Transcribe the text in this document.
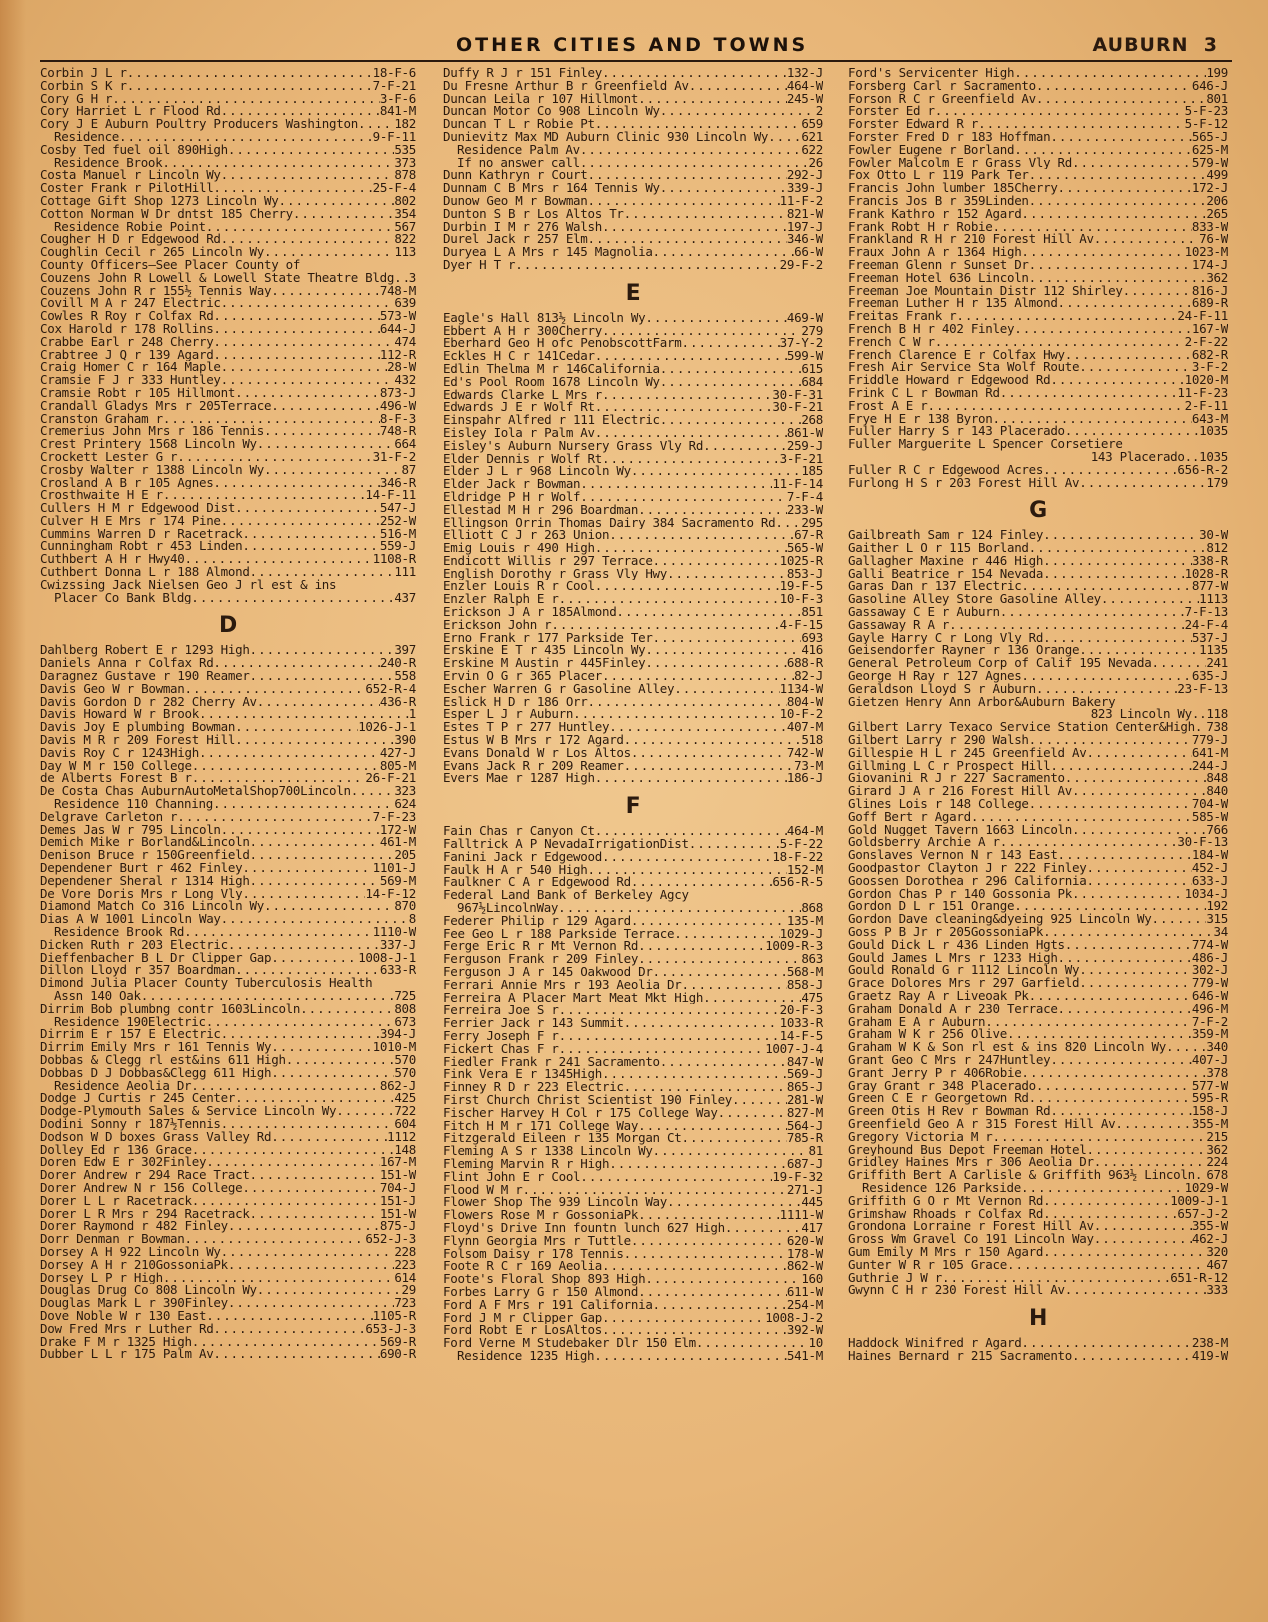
OTHER CITIES AND TOWNS	AUBURN 3
Corbin J L r .....	18-F-6
Corbin S K r .....	7-F-21
Cory G H r .....	3-F-6
Cory Harriet L r Flood Rd .....	841-M
Cory J E Auburn Poultry Producers Washington .....	182
Residence .....	9-F-11
Cosby Ted fuel oil 890High .....	535
Residence Brook .....	373
Costa Manuel r Lincoln Wy .....	878
Coster Frank r PilotHill .....	25-F-4
Cottage Gift Shop 1273 Lincoln Wy .....	802
Cotton Norman W Dr dntst 185 Cherry .....	354
Residence Robie Point .....	567
Cougher H D r Edgewood Rd .....	822
Coughlin Cecil r 265 Lincoln Wy .....	113
County Officers—See Placer County of
Couzens John R Lowell & Lowell State Theatre Bldg ..... 3
Couzens John R r 155½ Tennis Way .....	748-M
Covill M A r 247 Electric .....	639
Cowles R Roy r Colfax Rd .....	573-W
Cox Harold r 178 Rollins .....	644-J
Crabbe Earl r 248 Cherry .....	474
Crabtree J Q r 139 Agard .....	112-R
Craig Homer C r 164 Maple .....	28-W
Cramsie F J r 333 Huntley .....	432
Cramsie Robt r 105 Hillmont .....	873-J
Crandall Gladys Mrs r 205Terrace .....	496-W
Cranston Graham r .....	8-F-3
Cremerius John Mrs r 186 Tennis .....	748-R
Crest Printery 1568 Lincoln Wy .....	664
Crockett Lester G r .....	31-F-2
Crosby Walter r 1388 Lincoln Wy .....	87
Crosland A B r 105 Agnes .....	346-R
Crosthwaite H E r .....	14-F-11
Cullers H M r Edgewood Dist .....	547-J
Culver H E Mrs r 174 Pine .....	252-W
Cummins Warren D r Racetrack .....	516-M
Cunningham Robt r 453 Linden .....	559-J
Cuthbert A H r Hwy40 .....	1108-R
Cuthbert Donna L r 188 Almond .....	111
Cwizssing Jack Nielsen Geo J rl est & ins
Placer Co Bank Bldg .....	437
D
Dahlberg Robert E r 1293 High .....	397
Daniels Anna r Colfax Rd .....	240-R
Daragnez Gustave r 190 Reamer .....	558
Davis Geo W r Bowman .....	652-R-4
Davis Gordon D r 282 Cherry Av .....	436-R
Davis Howard W r Brook .....	1
Davis Joy E plumbing Bowman .....	1026-J-1
Davis M R r 209 Forest Hill .....	390
Davis Roy C r 1243High .....	427-J
Day W M r 150 College .....	805-M
de Alberts Forest B r .....	26-F-21
De Costa Chas AuburnAutoMetalShop700Lincoln .....	323
Residence 110 Channing .....	624
Delgrave Carleton r .....	7-F-23
Demes Jas W r 795 Lincoln .....	172-W
Demich Mike r Borland&Lincoln .....	461-M
Denison Bruce r 150Greenfield .....	205
Dependener Burt r 462 Finley .....	1101-J
Dependener Sheral r 1314 High .....	569-M
De Vore Doris Mrs r Long Vly .....	14-F-12
Diamond Match Co 316 Lincoln Wy .....	870
Dias A W 1001 Lincoln Way .....	8
Residence Brook Rd .....	1110-W
Dicken Ruth r 203 Electric .....	337-J
Dieffenbacher B L Dr Clipper Gap .....	1008-J-1
Dillon Lloyd r 357 Boardman .....	633-R
Dimond Julia Placer County Tuberculosis Health
Assn 140 Oak .....	725
Dirrim Bob plumbng contr 1603Lincoln .....	808
Residence 190Electric .....	673
Dirrim E r 157 E Electric .....	394-J
Dirrim Emily Mrs r 161 Tennis Wy .....	1010-M
Dobbas & Clegg rl est&ins 611 High .....	570
Dobbas D J Dobbas&Clegg 611 High .....	570
Residence Aeolia Dr .....	862-J
Dodge J Curtis r 245 Center .....	425
Dodge-Plymouth Sales & Service Lincoln Wy .....	722
Dodini Sonny r 187½Tennis .....	604
Dodson W D boxes Grass Valley Rd .....	1112
Dolley Ed r 136 Grace .....	148
Doren Edw E r 302Finley .....	167-M
Dorer Andrew r 294 Race Tract .....	151-W
Dorer Andrew N r 156 College .....	704-J
Dorer L L r Racetrack .....	151-J
Dorer L R Mrs r 294 Racetrack .....	151-W
Dorer Raymond r 482 Finley .....	875-J
Dorr Denman r Bowman .....	652-J-3
Dorsey A H 922 Lincoln Wy .....	228
Dorsey A H r 210GossoniaPk .....	223
Dorsey L P r High .....	614
Douglas Drug Co 808 Lincoln Wy .....	29
Douglas Mark L r 390Finley .....	723
Dove Noble W r 130 East .....	1105-R
Dow Fred Mrs r Luther Rd .....	653-J-3
Drake F M r 1325 High .....	569-R
Dubber L L r 175 Palm Av .....	690-R
Duffy R J r 151 Finley .....	132-J
Du Fresne Arthur B r Greenfield Av .....	464-W
Duncan Leila r 107 Hillmont .....	245-W
Duncan Motor Co 908 Lincoln Wy .....	2
Duncan T L r Robie Pt .....	659
Dunievitz Max MD Auburn Clinic 930 Lincoln Wy .....	621
Residence Palm Av .....	622
If no answer call .....	26
Dunn Kathryn r Court .....	292-J
Dunnam C B Mrs r 164 Tennis Wy .....	339-J
Dunow Geo M r Bowman .....	11-F-2
Dunton S B r Los Altos Tr .....	821-W
Durbin I M r 276 Walsh .....	197-J
Durel Jack r 257 Elm .....	346-W
Duryea L A Mrs r 145 Magnolia .....	66-W
Dyer H T r .....	29-F-2
E
Eagle's Hall 813½ Lincoln Wy .....	469-W
Ebbert A H r 300Cherry .....	279
Eberhard Geo H ofc PenobscottFarm .....	37-Y-2
Eckles H C r 141Cedar .....	599-W
Edlin Thelma M r 146California .....	615
Ed's Pool Room 1678 Lincoln Wy .....	684
Edwards Clarke L Mrs r .....	30-F-31
Edwards J E r Wolf Rt .....	30-F-21
Einspahr Alfred r 111 Electric .....	268
Eisley Iola r Palm Av .....	861-W
Eisley's Auburn Nursery Grass Vly Rd .....	259-J
Elder Dennis r Wolf Rt .....	3-F-21
Elder J L r 968 Lincoln Wy .....	185
Elder Jack r Bowman .....	11-F-14
Eldridge P H r Wolf .....	7-F-4
Ellestad M H r 296 Boardman .....	233-W
Ellingson Orrin Thomas Dairy 384 Sacramento Rd ..... 295
Elliott C J r 263 Union .....	67-R
Emig Louis r 490 High .....	565-W
Endicott Willis r 297 Terrace .....	1025-R
English Dorothy r Grass Vly Hwy .....	853-J
Enzler Louis R r Cool .....	19-F-5
Enzler Ralph E r .....	10-F-3
Erickson J A r 185Almond .....	851
Erickson John r .....	4-F-15
Erno Frank r 177 Parkside Ter .....	693
Erskine E T r 435 Lincoln Wy .....	416
Erskine M Austin r 445Finley .....	688-R
Ervin O G r 365 Placer .....	82-J
Escher Warren G r Gasoline Alley .....	1134-W
Eslick H D r 186 Orr .....	804-W
Esper L J r Auburn .....	10-F-2
Estes T P r 277 Huntley .....	407-M
Estus W B Mrs r 172 Agard .....	518
Evans Donald W r Los Altos .....	742-W
Evans Jack R r 209 Reamer .....	73-M
Evers Mae r 1287 High .....	186-J
F
Fain Chas r Canyon Ct .....	464-M
Falltrick A P NevadaIrrigationDist .....	5-F-22
Fanini Jack r Edgewood .....	18-F-22
Faulk H A r 540 High .....	152-M
Faulkner C A r Edgewood Rd .....	656-R-5
Federal Land Bank of Berkeley Agcy
967½LincolnWay .....	868
Federer Philip r 129 Agard .....	135-M
Fee Geo L r 188 Parkside Terrace .....	1029-J
Ferge Eric R r Mt Vernon Rd .....	1009-R-3
Ferguson Frank r 209 Finley .....	863
Ferguson J A r 145 Oakwood Dr .....	568-M
Ferrari Annie Mrs r 193 Aeolia Dr .....	858-J
Ferreira A Placer Mart Meat Mkt High .....	475
Ferreira Joe S r .....	20-F-3
Ferrier Jack r 143 Summit .....	1033-R
Ferry Joseph F r .....	14-F-5
Fickert Chas F r .....	1007-J-4
Fiedler Frank r 241 Sacramento .....	847-W
Fink Vera E r 1345High .....	569-J
Finney R D r 223 Electric .....	865-J
First Church Christ Scientist 190 Finley .....	281-W
Fischer Harvey H Col r 175 College Way .....	827-M
Fitch H M r 171 College Way .....	564-J
Fitzgerald Eileen r 135 Morgan Ct .....	785-R
Fleming A S r 1338 Lincoln Wy .....	81
Fleming Marvin R r High .....	687-J
Flint John E r Cool .....	19-F-32
Flood W M r .....	271-J
Flower Shop The 939 Lincoln Way .....	445
Flowers Rose M r GossoniaPk .....	1111-W
Floyd's Drive Inn fountn lunch 627 High .....	417
Flynn Georgia Mrs r Tuttle .....	620-W
Folsom Daisy r 178 Tennis .....	178-W
Foote R C r 169 Aeolia .....	862-W
Foote's Floral Shop 893 High .....	160
Forbes Larry G r 150 Almond .....	611-W
Ford A F Mrs r 191 California .....	254-M
Ford J M r Clipper Gap .....	1008-J-2
Ford Robt E r LosAltos .....	392-W
Ford Verne M Studebaker Dlr 150 Elm .....	10
Residence 1235 High .....	541-M
Ford's Servicenter High .....	199
Forsberg Carl r Sacramento .....	646-J
Forson R C r Greenfield Av .....	801
Forster Ed r .....	5-F-23
Forster Edward R r .....	5-F-12
Forster Fred D r 183 Hoffman .....	565-J
Fowler Eugene r Borland .....	625-M
Fowler Malcolm E r Grass Vly Rd .....	579-W
Fox Otto L r 119 Park Ter .....	499
Francis John lumber 185Cherry .....	172-J
Francis Jos B r 359Linden .....	206
Frank Kathro r 152 Agard .....	265
Frank Robt H r Robie .....	833-W
Frankland R H r 210 Forest Hill Av .....	76-W
Fraux John A r 1364 High .....	1023-M
Freeman Glenn r Sunset Dr .....	174-J
Freeman Hotel 636 Lincoln .....	362
Freeman Joe Mountain Distr 112 Shirley .....	816-J
Freeman Luther H r 135 Almond .....	689-R
Freitas Frank r .....	24-F-11
French B H r 402 Finley .....	167-W
French C W r .....	2-F-22
French Clarence E r Colfax Hwy .....	682-R
Fresh Air Service Sta Wolf Route .....	3-F-2
Friddle Howard r Edgewood Rd .....	1020-M
Frink C L r Bowman Rd .....	11-F-23
Frost A E r .....	2-F-11
Frye H E r 138 Byron .....	643-M
Fuller Harry S r 143 Placerado .....	1035
Fuller Marguerite L Spencer Corsetiere
143 Placerado..1035
Fuller R C r Edgewood Acres .....	656-R-2
Furlong H S r 203 Forest Hill Av .....	179
G
Gailbreath Sam r 124 Finley .....	30-W
Gaither L O r 115 Borland .....	812
Gallagher Maxine r 446 High .....	338-R
Galli Beatrice r 154 Nevada .....	1028-R
Garas Dan r 137 Electric .....	877-W
Gasoline Alley Store Gasoline Alley .....	1113
Gassaway C E r Auburn .....	7-F-13
Gassaway R A r .....	24-F-4
Gayle Harry C r Long Vly Rd .....	537-J
Geisendorfer Rayner r 136 Orange .....	1135
General Petroleum Corp of Calif 195 Nevada .....	241
George H Ray r 127 Agnes .....	635-J
Geraldson Lloyd S r Auburn .....	23-F-13
Gietzen Henry Ann Arbor&Auburn Bakery
823 Lincoln Wy..118
Gilbert Larry Texaco Service Station Center&High ..... 738
Gilbert Larry r 290 Walsh .....	779-J
Gillespie H L r 245 Greenfield Av .....	641-M
Gillming L C r Prospect Hill .....	244-J
Giovanini R J r 227 Sacramento .....	848
Girard J A r 216 Forest Hill Av .....	840
Glines Lois r 148 College .....	704-W
Goff Bert r Agard .....	585-W
Gold Nugget Tavern 1663 Lincoln .....	766
Goldsberry Archie A r .....	30-F-13
Gonslaves Vernon N r 143 East .....	184-W
Goodpastor Clayton J r 222 Finley .....	452-J
Goossen Dorothea r 296 California .....	633-J
Gordon Chas P r 140 Gossonia Pk .....	1034-J
Gordon D L r 151 Orange .....	192
Gordon Dave cleaning&dyeing 925 Lincoln Wy .....	315
Goss P B Jr r 205GossoniaPk .....	34
Gould Dick L r 436 Linden Hgts .....	774-W
Gould James L Mrs r 1233 High .....	486-J
Gould Ronald G r 1112 Lincoln Wy .....	302-J
Grace Dolores Mrs r 297 Garfield .....	779-W
Graetz Ray A r Liveoak Pk .....	646-W
Graham Donald A r 230 Terrace .....	496-M
Graham E A r Auburn .....	7-F-2
Graham W K r 256 Olive .....	359-M
Graham W K & Son rl est & ins 820 Lincoln Wy .....	340
Grant Geo C Mrs r 247Huntley .....	407-J
Grant Jerry P r 406Robie .....	378
Gray Grant r 348 Placerado .....	577-W
Green C E r Georgetown Rd .....	595-R
Green Otis H Rev r Bowman Rd .....	158-J
Greenfield Geo A r 315 Forest Hill Av .....	355-M
Gregory Victoria M r .....	215
Greyhound Bus Depot Freeman Hotel .....	362
Gridley Haines Mrs r 306 Aeolia Dr .....	224
Griffith Bert A Carlisle & Griffith 963½ Lincoln ..... 678
Residence 126 Parkside .....	1029-W
Griffith G O r Mt Vernon Rd .....	1009-J-1
Grimshaw Rhoads r Colfax Rd .....	657-J-2
Grondona Lorraine r Forest Hill Av .....	355-W
Gross Wm Gravel Co 191 Lincoln Way .....	462-J
Gum Emily M Mrs r 150 Agard .....	320
Gunter W R r 105 Grace .....	467
Guthrie J W r .....	651-R-12
Gwynn C H r 230 Forest Hill Av .....	333
H
Haddock Winifred r Agard .....	238-M
Haines Bernard r 215 Sacramento .....	419-W
